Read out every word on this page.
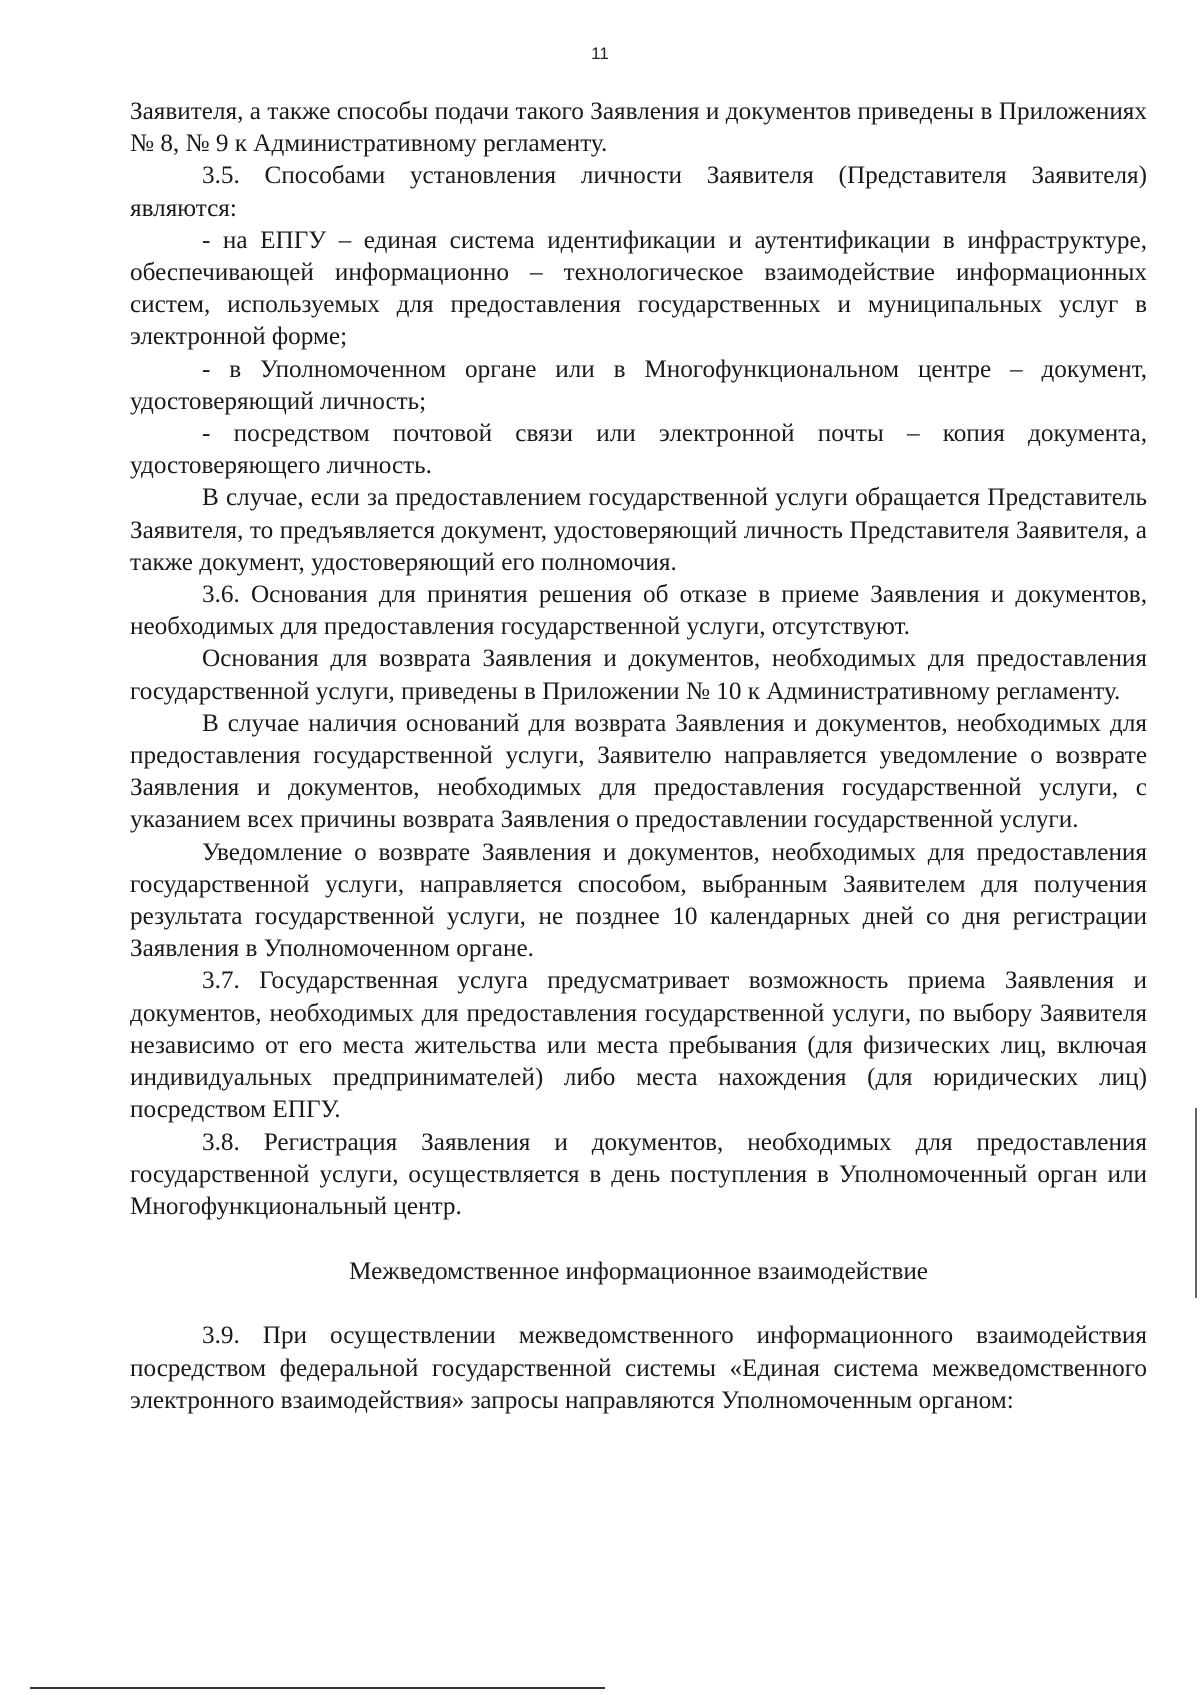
11

Заявителя, а также способы подачи такого Заявления и документов приведены в Приложениях № 8, № 9 к Административному регламенту.

3.5. Способами установления личности Заявителя (Представителя Заявителя) являются:

- на ЕПГУ – единая система идентификации и аутентификации в инфраструктуре, обеспечивающей информационно – технологическое взаимодействие информационных систем, используемых для предоставления государственных и муниципальных услуг в электронной форме;

- в Уполномоченном органе или в Многофункциональном центре – документ, удостоверяющий личность;

- посредством почтовой связи или электронной почты – копия документа, удостоверяющего личность.

В случае, если за предоставлением государственной услуги обращается Представитель Заявителя, то предъявляется документ, удостоверяющий личность Представителя Заявителя, а также документ, удостоверяющий его полномочия.

3.6. Основания для принятия решения об отказе в приеме Заявления и документов, необходимых для предоставления государственной услуги, отсутствуют.

Основания для возврата Заявления и документов, необходимых для предоставления государственной услуги, приведены в Приложении № 10 к Административному регламенту.

В случае наличия оснований для возврата Заявления и документов, необходимых для предоставления государственной услуги, Заявителю направляется уведомление о возврате Заявления и документов, необходимых для предоставления государственной услуги, с указанием всех причины возврата Заявления о предоставлении государственной услуги.

Уведомление о возврате Заявления и документов, необходимых для предоставления государственной услуги, направляется способом, выбранным Заявителем для получения результата государственной услуги, не позднее 10 календарных дней со дня регистрации Заявления в Уполномоченном органе.

3.7. Государственная услуга предусматривает возможность приема Заявления и документов, необходимых для предоставления государственной услуги, по выбору Заявителя независимо от его места жительства или места пребывания (для физических лиц, включая индивидуальных предпринимателей) либо места нахождения (для юридических лиц) посредством ЕПГУ.

3.8. Регистрация Заявления и документов, необходимых для предоставления государственной услуги, осуществляется в день поступления в Уполномоченный орган или Многофункциональный центр.

Межведомственное информационное взаимодействие

3.9. При осуществлении межведомственного информационного взаимодействия посредством федеральной государственной системы «Единая система межведомственного электронного взаимодействия» запросы направляются Уполномоченным органом:
